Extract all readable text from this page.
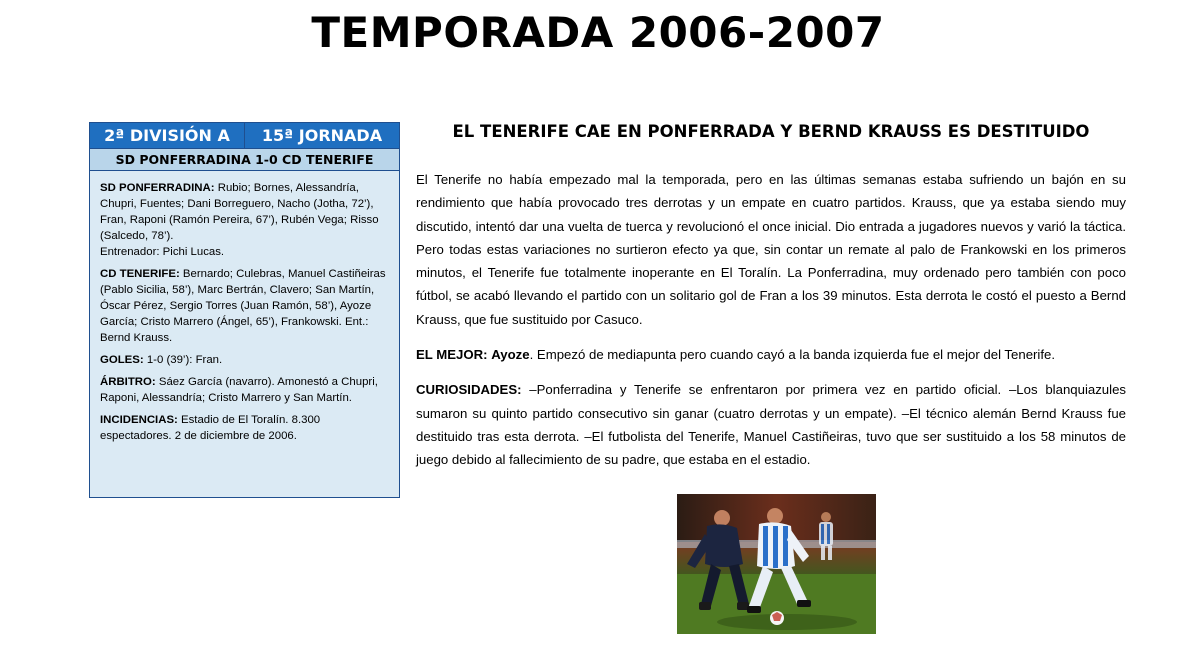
TEMPORADA 2006-2007
2ª DIVISIÓN A	15ª JORNADA
SD PONFERRADINA 1-0 CD TENERIFE

SD PONFERRADINA: Rubio; Bornes, Alessandría, Chupri, Fuentes; Dani Borreguero, Nacho (Jotha, 72’), Fran, Raponi (Ramón Pereira, 67’), Rubén Vega; Risso (Salcedo, 78’).
Entrenador: Pichi Lucas.

CD TENERIFE: Bernardo; Culebras, Manuel Castiñeiras (Pablo Sicilia, 58’), Marc Bertrán, Clavero; San Martín, Óscar Pérez, Sergio Torres (Juan Ramón, 58’), Ayoze García; Cristo Marrero (Ángel, 65’), Frankowski. Ent.: Bernd Krauss.

GOLES: 1-0 (39’): Fran.

ÁRBITRO: Sáez García (navarro). Amonestó a Chupri, Raponi, Alessandría; Cristo Marrero y San Martín.

INCIDENCIAS: Estadio de El Toralín. 8.300 espectadores. 2 de diciembre de 2006.

EL TENERIFE CAE EN PONFERRADA Y BERND KRAUSS ES DESTITUIDO

El Tenerife no había empezado mal la temporada, pero en las últimas semanas estaba sufriendo un bajón en su rendimiento que había provocado tres derrotas y un empate en cuatro partidos. Krauss, que ya estaba siendo muy discutido, intentó dar una vuelta de tuerca y revolucionó el once inicial. Dio entrada a jugadores nuevos y varió la táctica. Pero todas estas variaciones no surtieron efecto ya que, sin contar un remate al palo de Frankowski en los primeros minutos, el Tenerife fue totalmente inoperante en El Toralín. La Ponferradina, muy ordenado pero también con poco fútbol, se acabó llevando el partido con un solitario gol de Fran a los 39 minutos. Esta derrota le costó el puesto a Bernd Krauss, que fue sustituido por Casuco.

EL MEJOR: Ayoze. Empezó de mediapunta pero cuando cayó a la banda izquierda fue el mejor del Tenerife.

CURIOSIDADES: –Ponferradina y Tenerife se enfrentaron por primera vez en partido oficial. –Los blanquiazules sumaron su quinto partido consecutivo sin ganar (cuatro derrotas y un empate). –El técnico alemán Bernd Krauss fue destituido tras esta derrota. –El futbolista del Tenerife, Manuel Castiñeiras, tuvo que ser sustituido a los 58 minutos de juego debido al fallecimiento de su padre, que estaba en el estadio.
